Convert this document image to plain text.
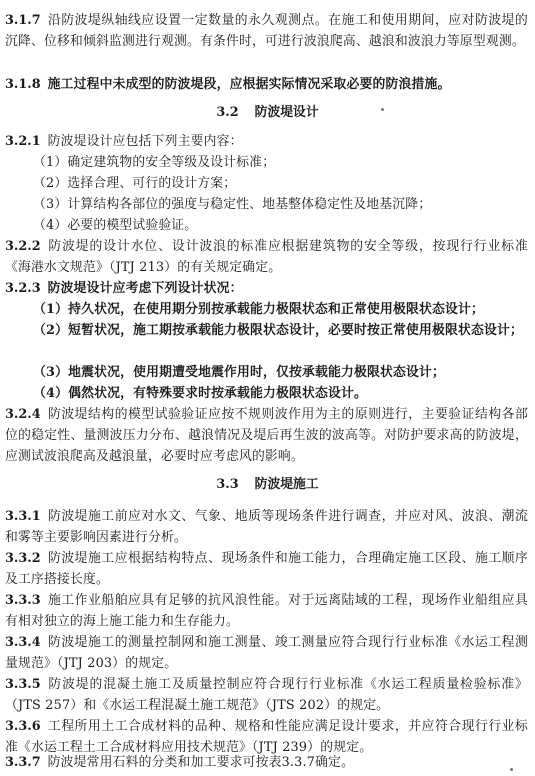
3.1.7 沿防波堤纵轴线应设置一定数量的永久观测点。在施工和使用期间，应对防波堤的沉降、位移和倾斜监测进行观测。有条件时，可进行波浪爬高、越浪和波浪力等原型观测。
3.1.8 施工过程中未成型的防波堤段，应根据实际情况采取必要的防浪措施。
3.2 防波堤设计
3.2.1 防波堤设计应包括下列主要内容：
（1）确定建筑物的安全等级及设计标准；
（2）选择合理、可行的设计方案；
（3）计算结构各部位的强度与稳定性、地基整体稳定性及地基沉降；
（4）必要的模型试验验证。
3.2.2 防波堤的设计水位、设计波浪的标准应根据建筑物的安全等级，按现行行业标准《海港水文规范》（JTJ 213）的有关规定确定。
3.2.3 防波堤设计应考虑下列设计状况：
（1）持久状况，在使用期分别按承载能力极限状态和正常使用极限状态设计；
（2）短暂状况，施工期按承载能力极限状态设计，必要时按正常使用极限状态设计；
（3）地震状况，使用期遭受地震作用时，仅按承载能力极限状态设计；
（4）偶然状况，有特殊要求时按承载能力极限状态设计。
3.2.4 防波堤结构的模型试验验证应按不规则波作用为主的原则进行，主要验证结构各部位的稳定性、量测波压力分布、越浪情况及堤后再生波的波高等。对防护要求高的防波堤，应测试波浪爬高及越浪量，必要时应考虑风的影响。
3.3 防波堤施工
3.3.1 防波堤施工前应对水文、气象、地质等现场条件进行调查，并应对风、波浪、潮流和雾等主要影响因素进行分析。
3.3.2 防波堤施工应根据结构特点、现场条件和施工能力，合理确定施工区段、施工顺序及工序搭接长度。
3.3.3 施工作业船舶应具有足够的抗风浪性能。对于远离陆域的工程，现场作业船组应具有相对独立的海上施工能力和生存能力。
3.3.4 防波堤施工的测量控制网和施工测量、竣工测量应符合现行行业标准《水运工程测量规范》（JTJ 203）的规定。
3.3.5 防波堤的混凝土施工及质量控制应符合现行行业标准《水运工程质量检验标准》（JTS 257）和《水运工程混凝土施工规范》（JTS 202）的规定。
3.3.6 工程所用土工合成材料的品种、规格和性能应满足设计要求，并应符合现行行业标准《水运工程土工合成材料应用技术规范》（JTJ 239）的规定。
3.3.7 防波堤常用石料的分类和加工要求可按表3.3.7确定。
